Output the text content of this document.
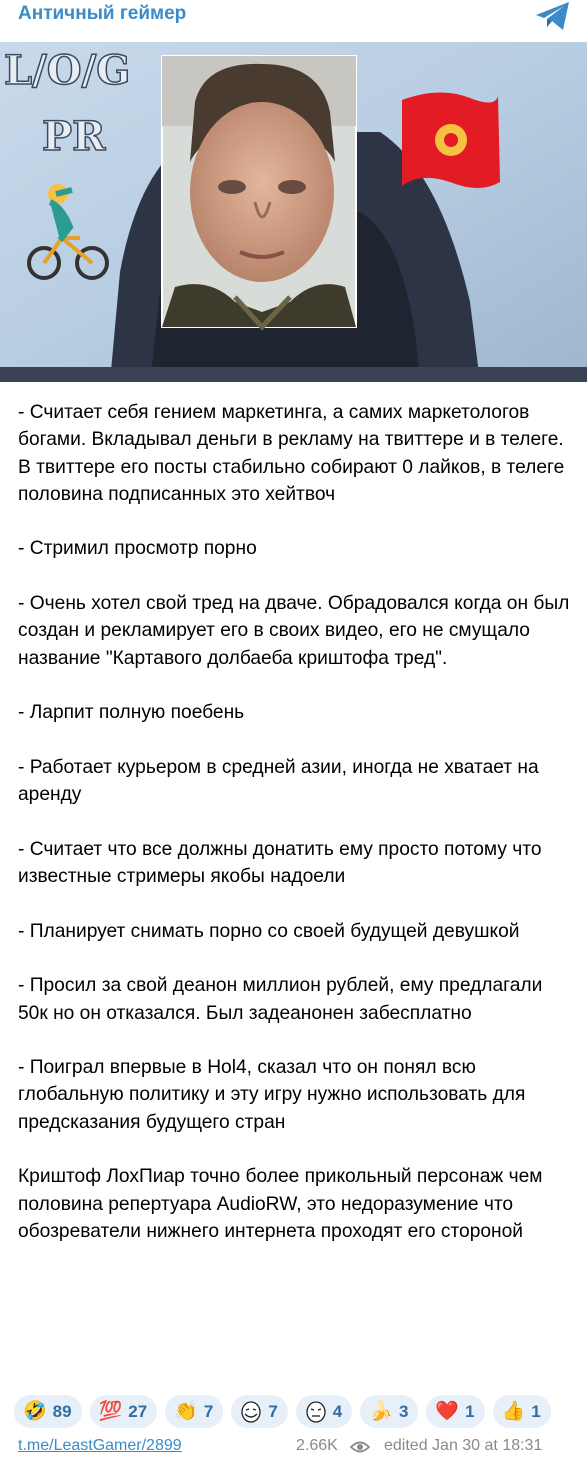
Античный геймер
L/O/G
PR

- Считает себя гением маркетинга, а самих маркетологов богами. Вкладывал деньги в рекламу на твиттере и в телеге. В твиттере его посты стабильно собирают 0 лайков, в телеге половина подписанных это хейтвоч

- Стримил просмотр порно

- Очень хотел свой тред на дваче. Обрадовался когда он был создан и рекламирует его в своих видео, его не смущало название "Картавого долбаеба криштофа тред".

- Ларпит полную поебень

- Работает курьером в средней азии, иногда не хватает на аренду

- Считает что все должны донатить ему просто потому что известные стримеры якобы надоели

- Планирует снимать порно со своей будущей девушкой

- Просил за свой деанон миллион рублей, ему предлагали 50к но он отказался. Был задеанонен забесплатно

- Поиграл впервые в Hol4, сказал что он понял всю глобальную политику и эту игру нужно использовать для предсказания будущего стран

Криштоф ЛохПиар точно более прикольный персонаж чем половина репертуара AudioRW, это недоразумение что обозреватели нижнего интернета проходят его стороной

🤣 89 💯 27 👏 7	7	4 🍌 3 ❤️ 1 👍 1
t.me/LeastGamer/2899	2.66K	edited Jan 30 at 18:31
